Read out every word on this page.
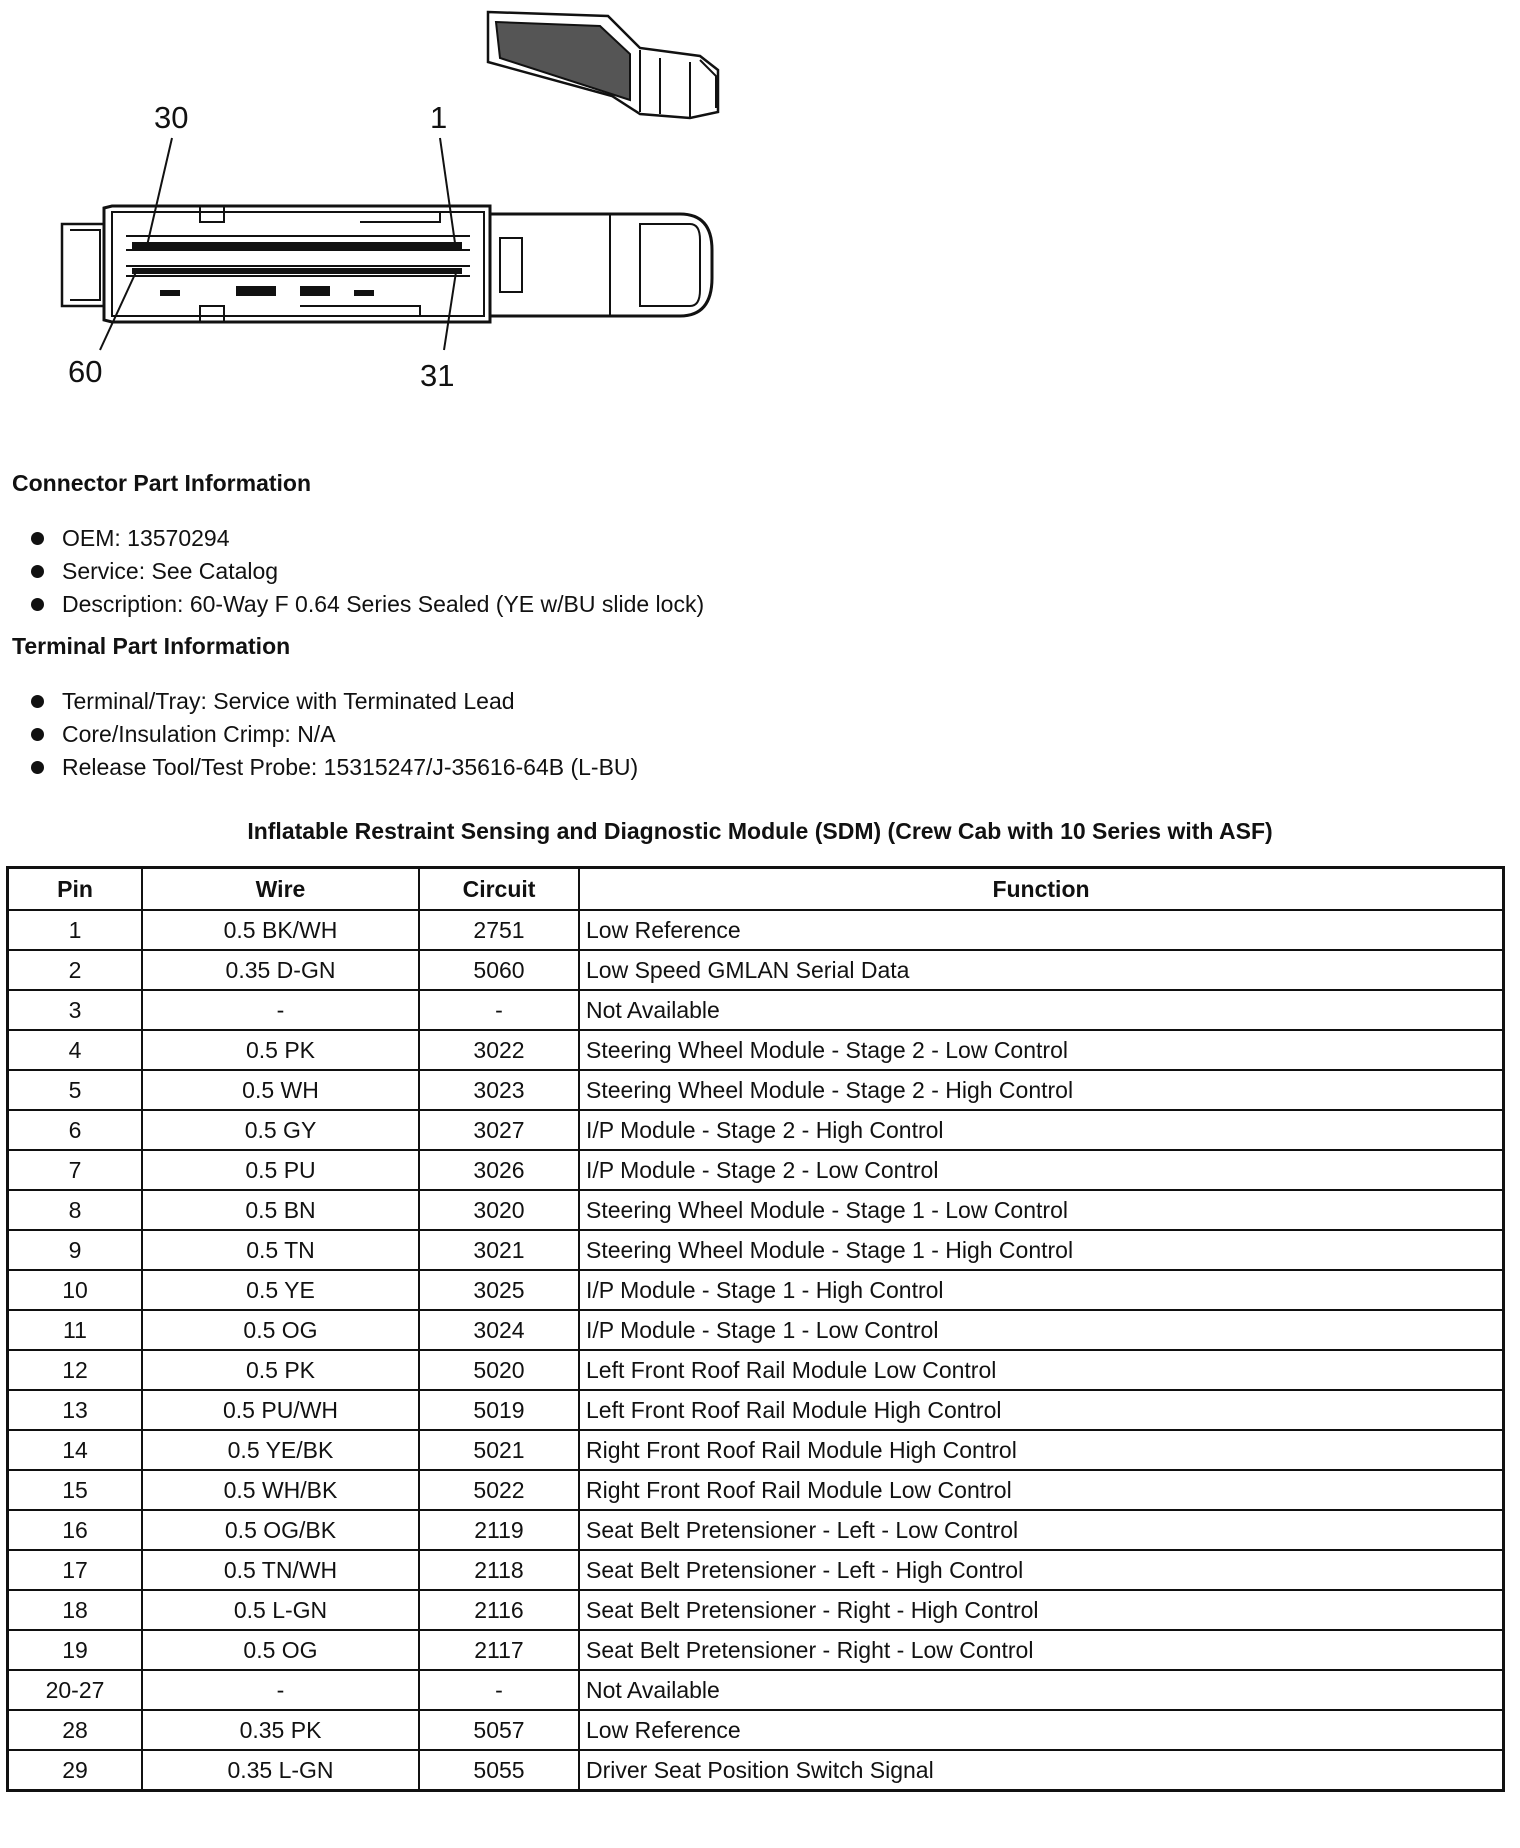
30	1
60	31
Connector Part Information
OEM: 13570294
Service: See Catalog
Description: 60-Way F 0.64 Series Sealed (YE w/BU slide lock)
Terminal Part Information
Terminal/Tray: Service with Terminated Lead
Core/Insulation Crimp: N/A
Release Tool/Test Probe: 15315247/J-35616-64B (L-BU)
Inflatable Restraint Sensing and Diagnostic Module (SDM) (Crew Cab with 10 Series with ASF)
Pin	Wire	Circuit	Function
1	0.5 BK/WH	2751	Low Reference
2	0.35 D-GN	5060	Low Speed GMLAN Serial Data
3	-	-	Not Available
4	0.5 PK	3022	Steering Wheel Module - Stage 2 - Low Control
5	0.5 WH	3023	Steering Wheel Module - Stage 2 - High Control
6	0.5 GY	3027	I/P Module - Stage 2 - High Control
7	0.5 PU	3026	I/P Module - Stage 2 - Low Control
8	0.5 BN	3020	Steering Wheel Module - Stage 1 - Low Control
9	0.5 TN	3021	Steering Wheel Module - Stage 1 - High Control
10	0.5 YE	3025	I/P Module - Stage 1 - High Control
11	0.5 OG	3024	I/P Module - Stage 1 - Low Control
12	0.5 PK	5020	Left Front Roof Rail Module Low Control
13	0.5 PU/WH	5019	Left Front Roof Rail Module High Control
14	0.5 YE/BK	5021	Right Front Roof Rail Module High Control
15	0.5 WH/BK	5022	Right Front Roof Rail Module Low Control
16	0.5 OG/BK	2119	Seat Belt Pretensioner - Left - Low Control
17	0.5 TN/WH	2118	Seat Belt Pretensioner - Left - High Control
18	0.5 L-GN	2116	Seat Belt Pretensioner - Right - High Control
19	0.5 OG	2117	Seat Belt Pretensioner - Right - Low Control
20-27	-	-	Not Available
28	0.35 PK	5057	Low Reference
29	0.35 L-GN	5055	Driver Seat Position Switch Signal
